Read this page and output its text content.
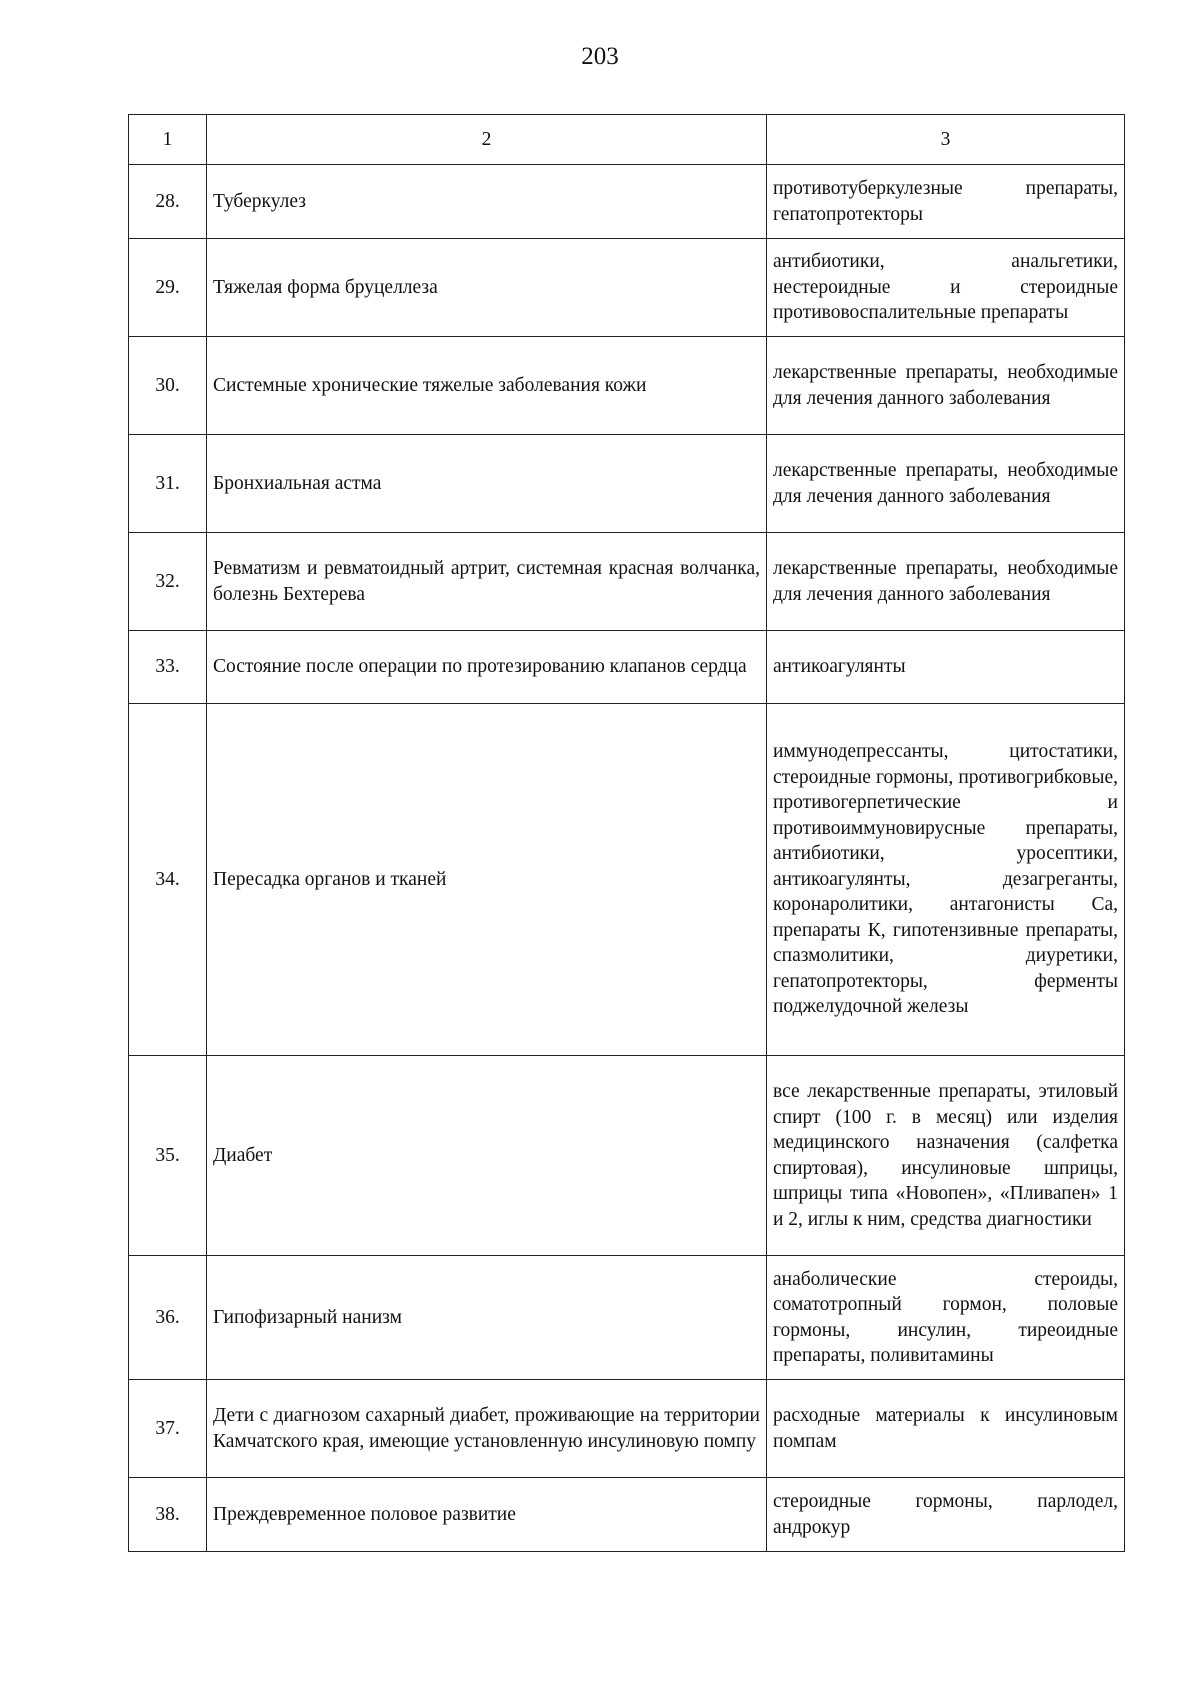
203
1	2	3
28.	Туберкулез	противотуберкулезные препараты, гепатопротекторы
29.	Тяжелая форма бруцеллеза	антибиотики, анальгетики, нестероидные и стероидные противовоспалительные препараты
30.	Системные хронические тяжелые заболевания кожи	лекарственные препараты, необходимые для лечения данного заболевания
31.	Бронхиальная астма	лекарственные препараты, необходимые для лечения данного заболевания
32.	Ревматизм и ревматоидный артрит, системная красная волчанка, болезнь Бехтерева	лекарственные препараты, необходимые для лечения данного заболевания
33.	Состояние после операции по протезированию клапанов сердца	антикоагулянты
34.	Пересадка органов и тканей	иммунодепрессанты, цитостатики, стероидные гормоны, противогрибковые, противогерпетические и противоиммуновирусные препараты, антибиотики, уросептики, антикоагулянты, дезагреганты, коронаролитики, антагонисты Са, препараты К, гипотензивные препараты, спазмолитики, диуретики, гепатопротекторы, ферменты поджелудочной железы
35.	Диабет	все лекарственные препараты, этиловый спирт (100 г. в месяц) или изделия медицинского назначения (салфетка спиртовая), инсулиновые шприцы, шприцы типа «Новопен», «Пливапен» 1 и 2, иглы к ним, средства диагностики
36.	Гипофизарный нанизм	анаболические стероиды, соматотропный гормон, половые гормоны, инсулин, тиреоидные препараты, поливитамины
37.	Дети с диагнозом сахарный диабет, проживающие на территории Камчатского края, имеющие установленную инсулиновую помпу	расходные материалы к инсулиновым помпам
38.	Преждевременное половое развитие	стероидные гормоны, парлодел, андрокур
